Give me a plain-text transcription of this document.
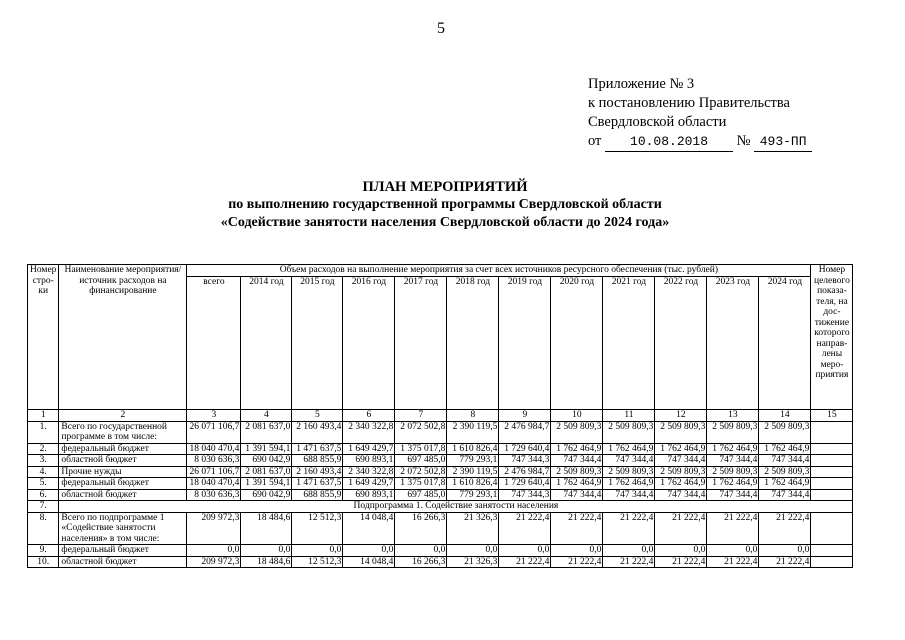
5
Приложение № 3
к постановлению Правительства
Свердловской области
от 10.08.2018 № 493-ПП
ПЛАН МЕРОПРИЯТИЙ
по выполнению государственной программы Свердловской области
«Содействие занятости населения Свердловской области до 2024 года»
Номер стро-ки	Наименование мероприятия/ источник расходов на финансирование	Объем расходов на выполнение мероприятия за счет всех источников ресурсного обеспечения (тыс. рублей)												Номер целевого показа-теля, на дос-тижение которого направ-лены меро-приятия
		всего	2014 год	2015 год	2016 год	2017 год	2018 год	2019 год	2020 год	2021 год	2022 год	2023 год	2024 год	
1	2	3	4	5	6	7	8	9	10	11	12	13	14	15
1.	Всего по государственной программе в том числе:	26 071 106,7	2 081 637,0	2 160 493,4	2 340 322,8	2 072 502,8	2 390 119,5	2 476 984,7	2 509 809,3	2 509 809,3	2 509 809,3	2 509 809,3	2 509 809,3	
2.	федеральный бюджет	18 040 470,4	1 391 594,1	1 471 637,5	1 649 429,7	1 375 017,8	1 610 826,4	1 729 640,4	1 762 464,9	1 762 464,9	1 762 464,9	1 762 464,9	1 762 464,9	
3.	областной бюджет	8 030 636,3	690 042,9	688 855,9	690 893,1	697 485,0	779 293,1	747 344,3	747 344,4	747 344,4	747 344,4	747 344,4	747 344,4	
4.	Прочие нужды	26 071 106,7	2 081 637,0	2 160 493,4	2 340 322,8	2 072 502,8	2 390 119,5	2 476 984,7	2 509 809,3	2 509 809,3	2 509 809,3	2 509 809,3	2 509 809,3	
5.	федеральный бюджет	18 040 470,4	1 391 594,1	1 471 637,5	1 649 429,7	1 375 017,8	1 610 826,4	1 729 640,4	1 762 464,9	1 762 464,9	1 762 464,9	1 762 464,9	1 762 464,9	
6.	областной бюджет	8 030 636,3	690 042,9	688 855,9	690 893,1	697 485,0	779 293,1	747 344,3	747 344,4	747 344,4	747 344,4	747 344,4	747 344,4	
7.	Подпрограмма 1. Содействие занятости населения													
8.	Всего по подпрограмме 1 «Содействие занятости населения» в том числе:	209 972,3	18 484,6	12 512,3	14 048,4	16 266,3	21 326,3	21 222,4	21 222,4	21 222,4	21 222,4	21 222,4	21 222,4	
9.	федеральный бюджет	0,0	0,0	0,0	0,0	0,0	0,0	0,0	0,0	0,0	0,0	0,0	0,0	
10.	областной бюджет	209 972,3	18 484,6	12 512,3	14 048,4	16 266,3	21 326,3	21 222,4	21 222,4	21 222,4	21 222,4	21 222,4	21 222,4	
